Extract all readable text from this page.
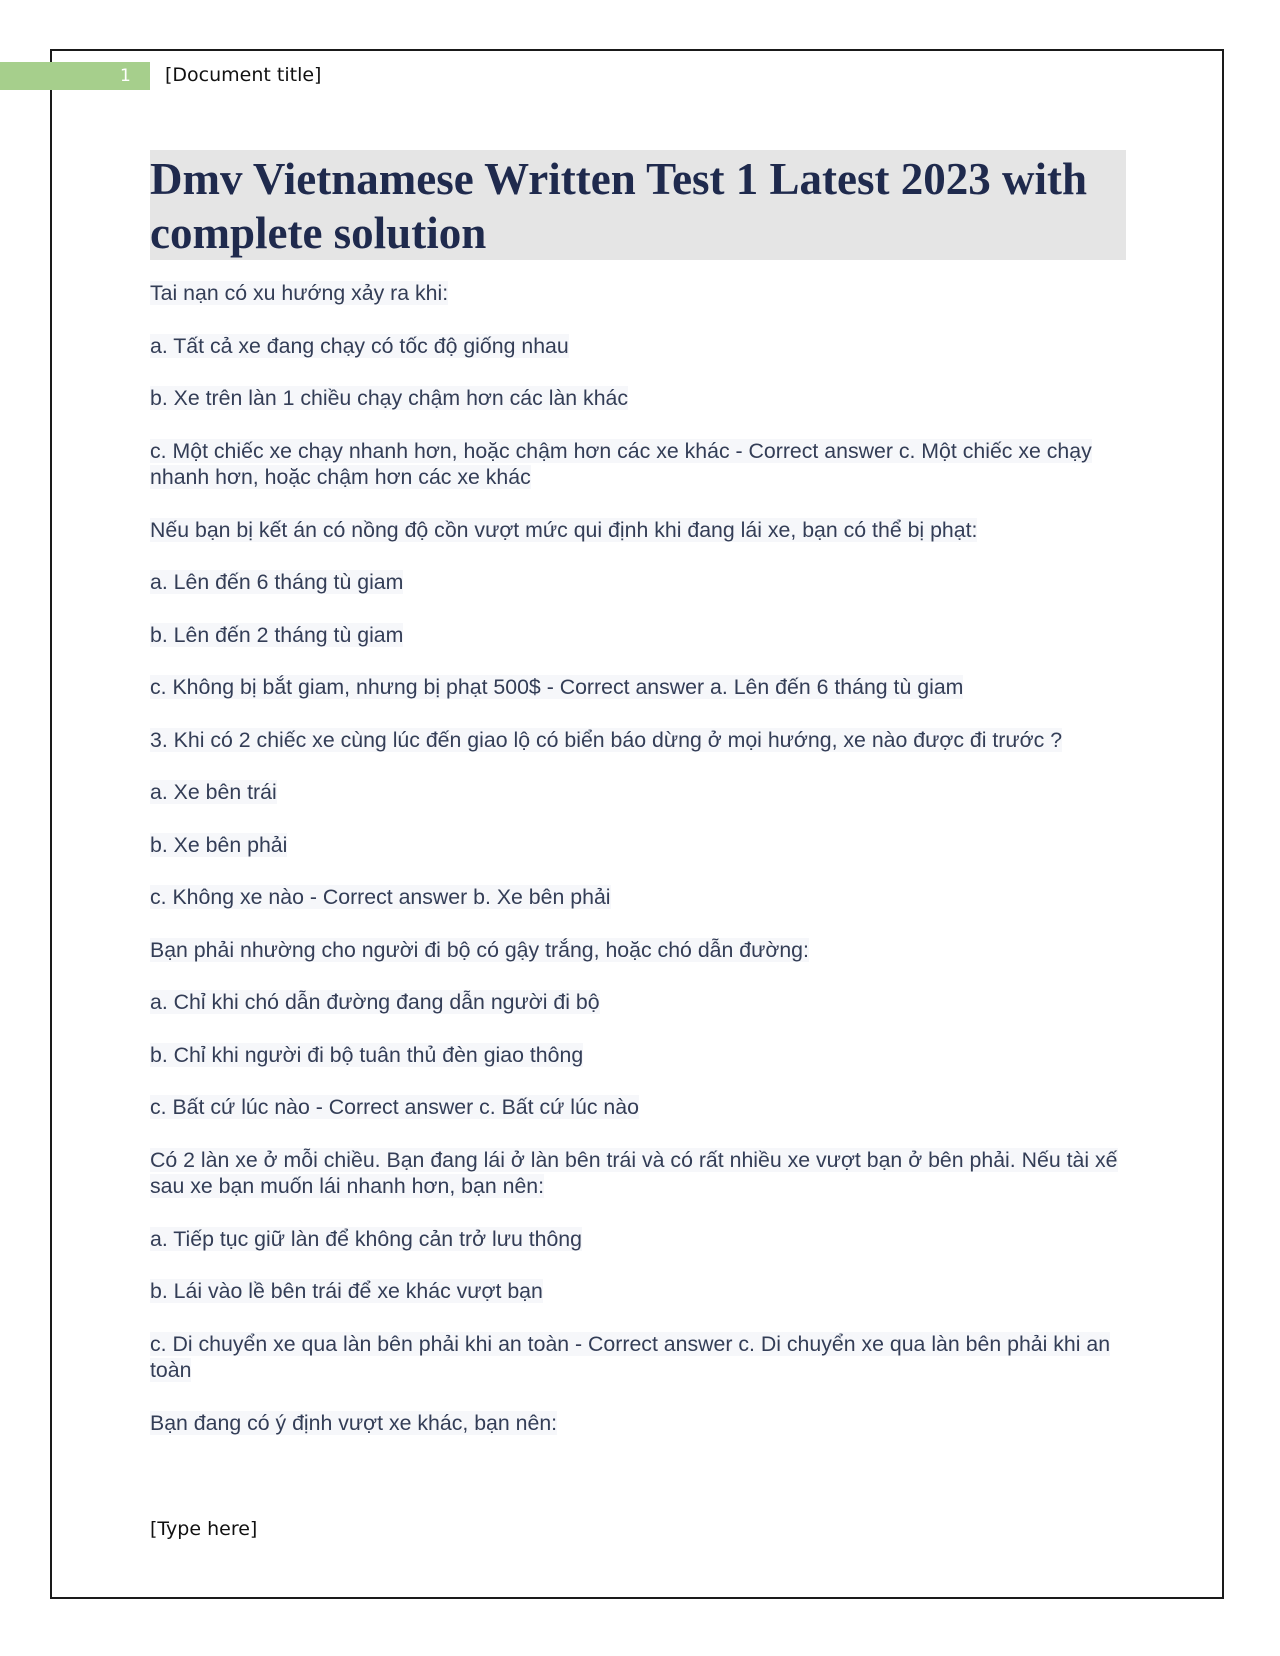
1	[Document title]
Dmv Vietnamese Written Test 1 Latest 2023 with complete solution
Tai nạn có xu hướng xảy ra khi:
a. Tất cả xe đang chạy có tốc độ giống nhau
b. Xe trên làn 1 chiều chạy chậm hơn các làn khác
c. Một chiếc xe chạy nhanh hơn, hoặc chậm hơn các xe khác - Correct answer c. Một chiếc xe chạy nhanh hơn, hoặc chậm hơn các xe khác
Nếu bạn bị kết án có nồng độ cồn vượt mức qui định khi đang lái xe, bạn có thể bị phạt:
a. Lên đến 6 tháng tù giam
b. Lên đến 2 tháng tù giam
c. Không bị bắt giam, nhưng bị phạt 500$ - Correct answer a. Lên đến 6 tháng tù giam
3. Khi có 2 chiếc xe cùng lúc đến giao lộ có biển báo dừng ở mọi hướng, xe nào được đi trước ?
a. Xe bên trái
b. Xe bên phải
c. Không xe nào - Correct answer b. Xe bên phải
Bạn phải nhường cho người đi bộ có gậy trắng, hoặc chó dẫn đường:
a. Chỉ khi chó dẫn đường đang dẫn người đi bộ
b. Chỉ khi người đi bộ tuân thủ đèn giao thông
c. Bất cứ lúc nào - Correct answer c. Bất cứ lúc nào
Có 2 làn xe ở mỗi chiều. Bạn đang lái ở làn bên trái và có rất nhiều xe vượt bạn ở bên phải. Nếu tài xế sau xe bạn muốn lái nhanh hơn, bạn nên:
a. Tiếp tục giữ làn để không cản trở lưu thông
b. Lái vào lề bên trái để xe khác vượt bạn
c. Di chuyển xe qua làn bên phải khi an toàn - Correct answer c. Di chuyển xe qua làn bên phải khi an toàn
Bạn đang có ý định vượt xe khác, bạn nên:
[Type here]
